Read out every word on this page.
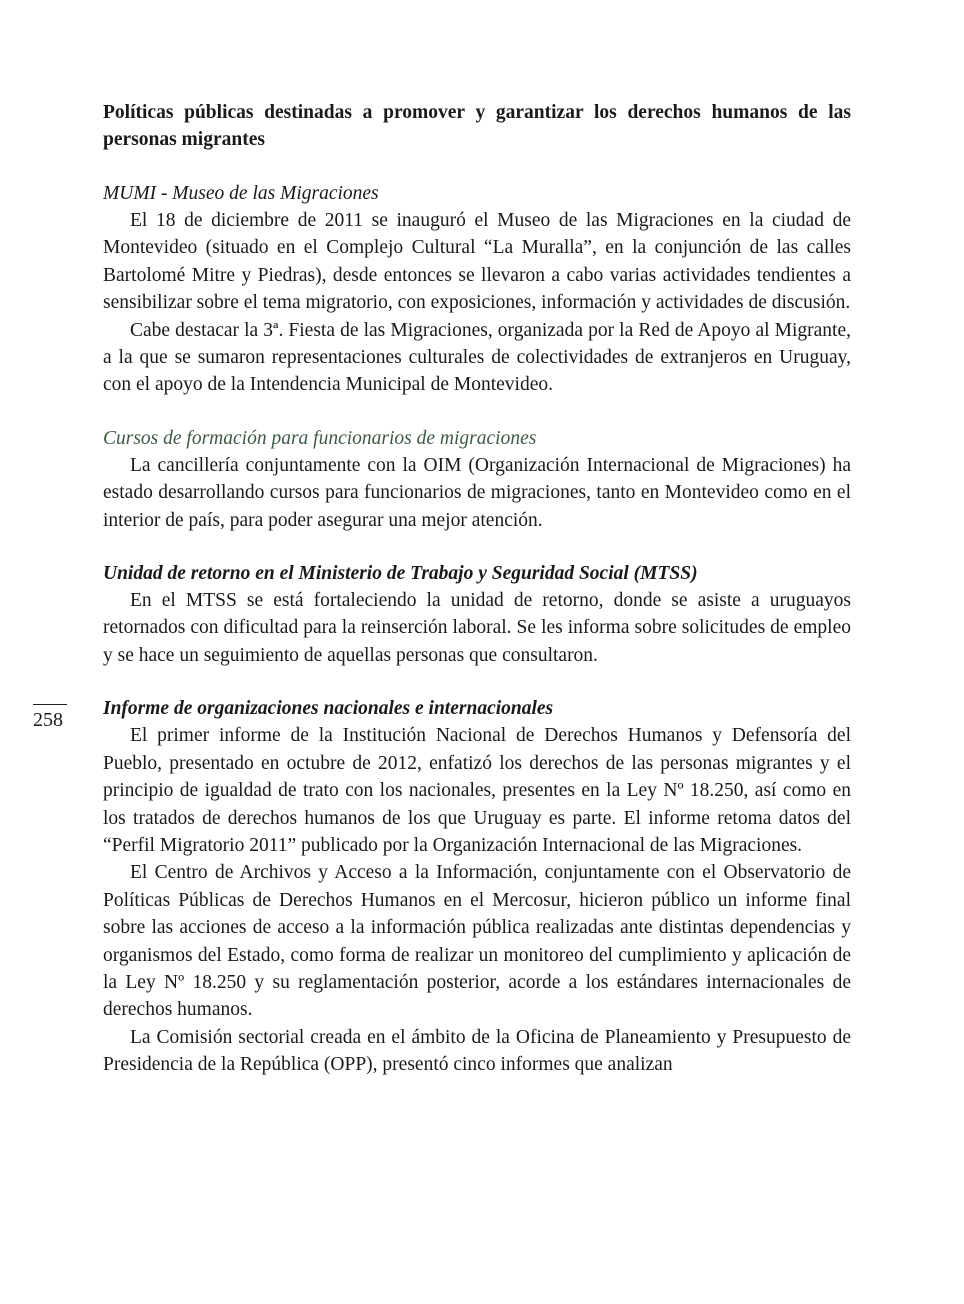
258
Políticas públicas destinadas a promover y garantizar los derechos humanos de las personas migrantes
MUMI - Museo de las Migraciones

El 18 de diciembre de 2011 se inauguró el Museo de las Migraciones en la ciudad de Montevideo (situado en el Complejo Cultural “La Muralla”, en la conjunción de las calles Bartolomé Mitre y Piedras), desde entonces se llevaron a cabo varias actividades tendientes a sensibilizar sobre el tema migratorio, con exposiciones, información y actividades de discusión.

Cabe destacar la 3ª. Fiesta de las Migraciones, organizada por la Red de Apoyo al Migrante, a la que se sumaron representaciones culturales de colectividades de extranjeros en Uruguay, con el apoyo de la Intendencia Municipal de Montevideo.

Cursos de formación para funcionarios de migraciones

La cancillería conjuntamente con la OIM (Organización Internacional de Migraciones) ha estado desarrollando cursos para funcionarios de migraciones, tanto en Montevideo como en el interior de país, para poder asegurar una mejor atención.

Unidad de retorno en el Ministerio de Trabajo y Seguridad Social (MTSS)

En el MTSS se está fortaleciendo la unidad de retorno, donde se asiste a uruguayos retornados con dificultad para la reinserción laboral. Se les informa sobre solicitudes de empleo y se hace un seguimiento de aquellas personas que consultaron.

Informe de organizaciones nacionales e internacionales

El primer informe de la Institución Nacional de Derechos Humanos y Defensoría del Pueblo, presentado en octubre de 2012, enfatizó los derechos de las personas migrantes y el principio de igualdad de trato con los nacionales, presentes en la Ley Nº 18.250, así como en los tratados de derechos humanos de los que Uruguay es parte. El informe retoma datos del “Perfil Migratorio 2011” publicado por la Organización Internacional de las Migraciones.

El Centro de Archivos y Acceso a la Información, conjuntamente con el Observatorio de Políticas Públicas de Derechos Humanos en el Mercosur, hicieron público un informe final sobre las acciones de acceso a la información pública realizadas ante distintas dependencias y organismos del Estado, como forma de realizar un monitoreo del cumplimiento y aplicación de la Ley Nº 18.250 y su reglamentación posterior, acorde a los estándares internacionales de derechos humanos.

La Comisión sectorial creada en el ámbito de la Oficina de Planeamiento y Presupuesto de Presidencia de la República (OPP), presentó cinco informes que analizan
